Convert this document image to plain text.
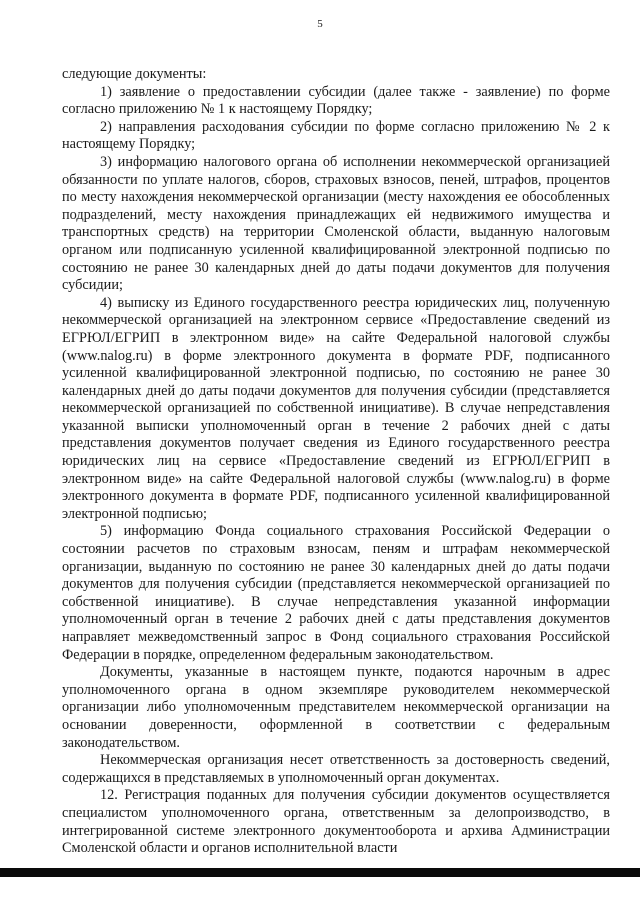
5

следующие документы:

1) заявление о предоставлении субсидии (далее также - заявление) по форме согласно приложению № 1 к настоящему Порядку;

2) направления расходования субсидии по форме согласно приложению № 2 к настоящему Порядку;

3) информацию налогового органа об исполнении некоммерческой организацией обязанности по уплате налогов, сборов, страховых взносов, пеней, штрафов, процентов по месту нахождения некоммерческой организации (месту нахождения ее обособленных подразделений, месту нахождения принадлежащих ей недвижимого имущества и транспортных средств) на территории Смоленской области, выданную налоговым органом или подписанную усиленной квалифицированной электронной подписью по состоянию не ранее 30 календарных дней до даты подачи документов для получения субсидии;

4) выписку из Единого государственного реестра юридических лиц, полученную некоммерческой организацией на электронном сервисе «Предоставление сведений из ЕГРЮЛ/ЕГРИП в электронном виде» на сайте Федеральной налоговой службы (www.nalog.ru) в форме электронного документа в формате PDF, подписанного усиленной квалифицированной электронной подписью, по состоянию не ранее 30 календарных дней до даты подачи документов для получения субсидии (представляется некоммерческой организацией по собственной инициативе). В случае непредставления указанной выписки уполномоченный орган в течение 2 рабочих дней с даты представления документов получает сведения из Единого государственного реестра юридических лиц на сервисе «Предоставление сведений из ЕГРЮЛ/ЕГРИП в электронном виде» на сайте Федеральной налоговой службы (www.nalog.ru) в форме электронного документа в формате PDF, подписанного усиленной квалифицированной электронной подписью;

5) информацию Фонда социального страхования Российской Федерации о состоянии расчетов по страховым взносам, пеням и штрафам некоммерческой организации, выданную по состоянию не ранее 30 календарных дней до даты подачи документов для получения субсидии (представляется некоммерческой организацией по собственной инициативе). В случае непредставления указанной информации уполномоченный орган в течение 2 рабочих дней с даты представления документов направляет межведомственный запрос в Фонд социального страхования Российской Федерации в порядке, определенном федеральным законодательством.

Документы, указанные в настоящем пункте, подаются нарочным в адрес уполномоченного органа в одном экземпляре руководителем некоммерческой организации либо уполномоченным представителем некоммерческой организации на основании доверенности, оформленной в соответствии с федеральным законодательством.

Некоммерческая организация несет ответственность за достоверность сведений, содержащихся в представляемых в уполномоченный орган документах.

12. Регистрация поданных для получения субсидии документов осуществляется специалистом уполномоченного органа, ответственным за делопроизводство, в интегрированной системе электронного документооборота и архива Администрации Смоленской области и органов исполнительной власти
